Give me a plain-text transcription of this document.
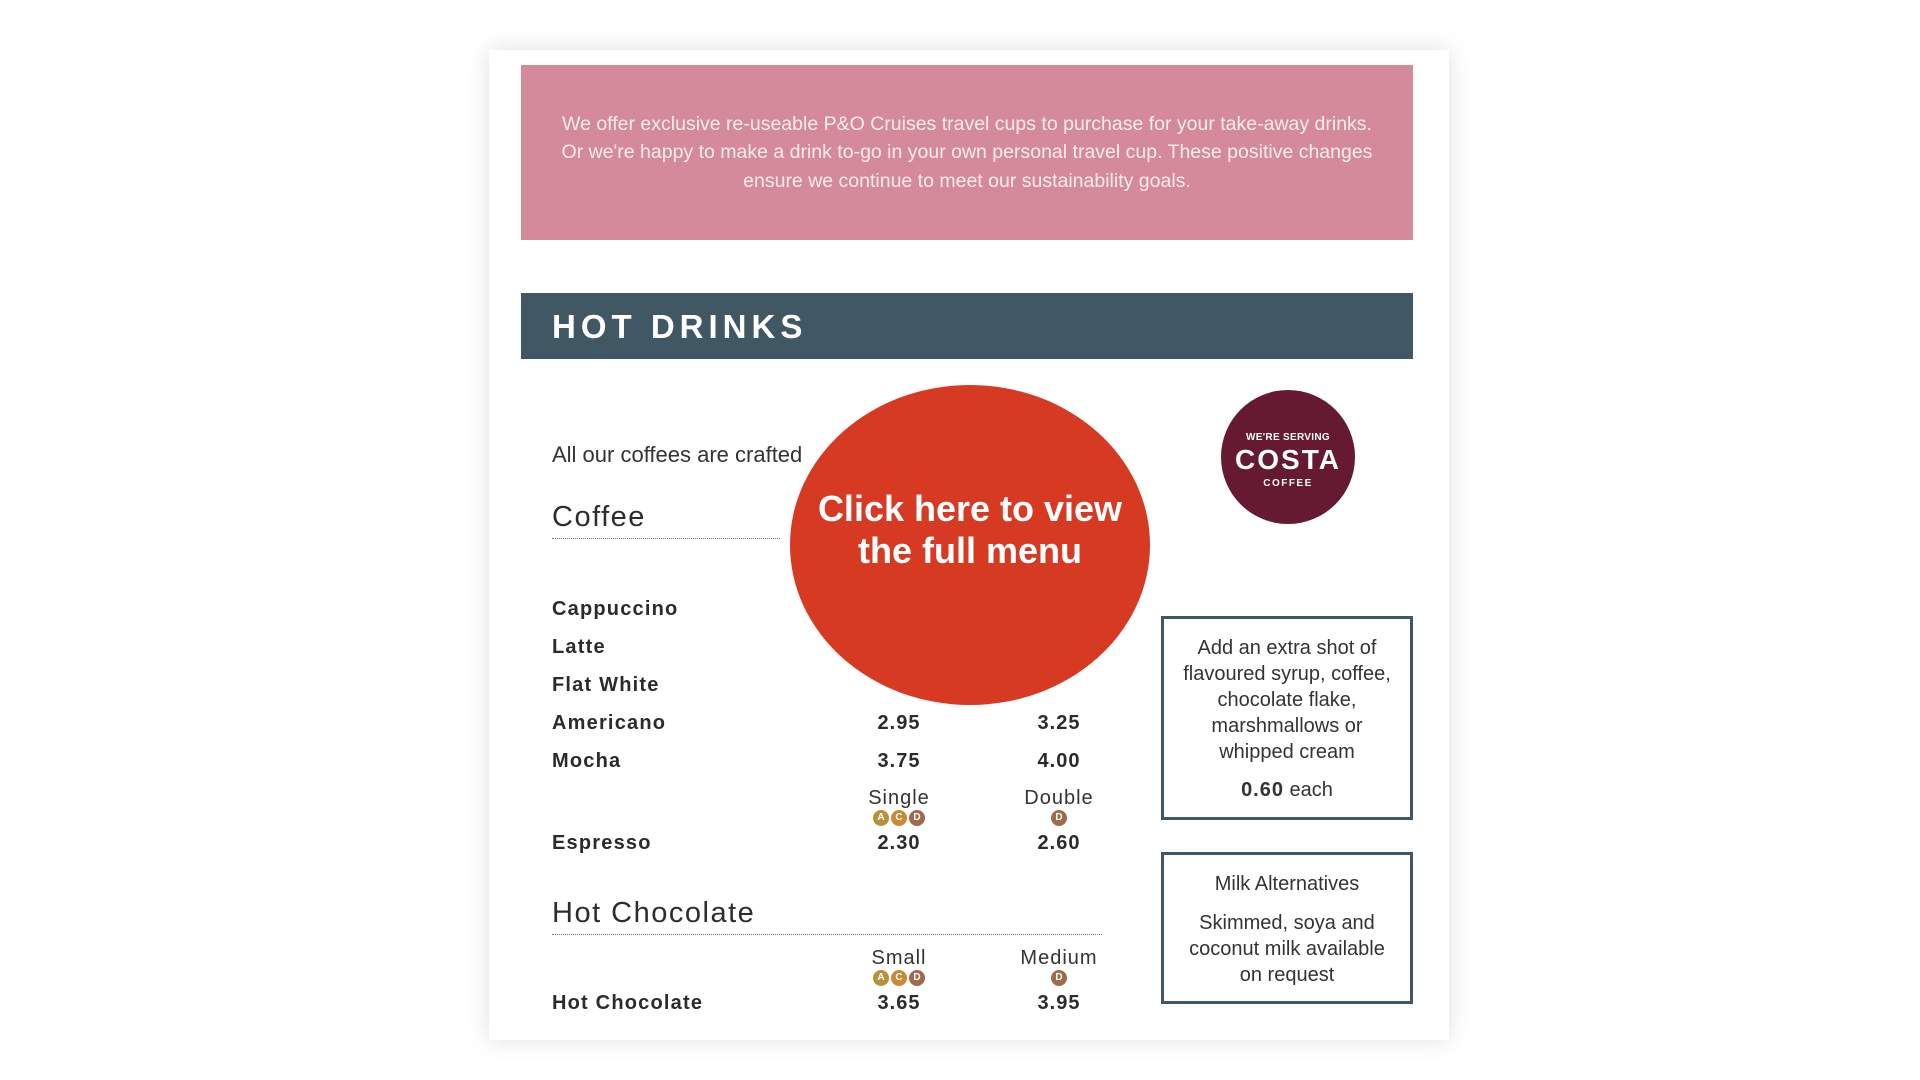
We offer exclusive re-useable P&O Cruises travel cups to purchase for your take-away drinks. Or we're happy to make a drink to-go in your own personal travel cup. These positive changes ensure we continue to meet our sustainability goals.

HOT DRINKS
All our coffees are crafted
Coffee
Cappuccino
Latte
Flat White
Americano	2.95	3.25
Mocha	3.75	4.00
Single	Double
A	C	D	D
Espresso	2.30	2.60
Hot Chocolate
Small	Medium
A	C	D	D
Hot Chocolate	3.65	3.95
WE'RE SERVING
COSTA
COFFEE
Add an extra shot of flavoured syrup, coffee, chocolate flake, marshmallows or whipped cream
0.60 each
Milk Alternatives
Skimmed, soya and coconut milk available on request
Click here to view the full menu
